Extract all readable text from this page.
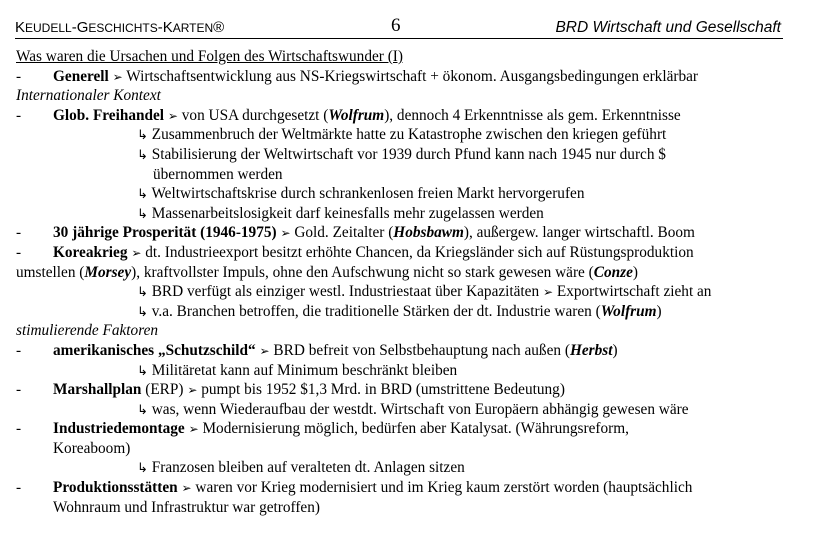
KEUDELL-GESCHICHTS-KARTEN®	6	BRD Wirtschaft und Gesellschaft
Was waren die Ursachen und Folgen des Wirtschaftswunder (I)
- Generell ➢ Wirtschaftsentwicklung aus NS-Kriegswirtschaft + ökonom. Ausgangsbedingungen erklärbar
Internationaler Kontext
- Glob. Freihandel ➢ von USA durchgesetzt (Wolfrum), dennoch 4 Erkenntnisse als gem. Erkenntnisse
↳ Zusammenbruch der Weltmärkte hatte zu Katastrophe zwischen den kriegen geführt
↳ Stabilisierung der Weltwirtschaft vor 1939 durch Pfund kann nach 1945 nur durch $
übernommen werden
↳ Weltwirtschaftskrise durch schrankenlosen freien Markt hervorgerufen
↳ Massenarbeitslosigkeit darf keinesfalls mehr zugelassen werden
- 30 jährige Prosperität (1946-1975) ➢ Gold. Zeitalter (Hobsbawm), außergew. langer wirtschaftl. Boom
- Koreakrieg ➢ dt. Industrieexport besitzt erhöhte Chancen, da Kriegsländer sich auf Rüstungsproduktion
umstellen (Morsey), kraftvollster Impuls, ohne den Aufschwung nicht so stark gewesen wäre (Conze)
↳ BRD verfügt als einziger westl. Industriestaat über Kapazitäten ➢ Exportwirtschaft zieht an
↳ v.a. Branchen betroffen, die traditionelle Stärken der dt. Industrie waren (Wolfrum)
stimulierende Faktoren
- amerikanisches „Schutzschild“ ➢ BRD befreit von Selbstbehauptung nach außen (Herbst)
↳ Militäretat kann auf Minimum beschränkt bleiben
- Marshallplan (ERP) ➢ pumpt bis 1952 $1,3 Mrd. in BRD (umstrittene Bedeutung)
↳ was, wenn Wiederaufbau der westdt. Wirtschaft von Europäern abhängig gewesen wäre
- Industriedemontage ➢ Modernisierung möglich, bedürfen aber Katalysat. (Währungsreform,
Koreaboom)
↳ Franzosen bleiben auf veralteten dt. Anlagen sitzen
- Produktionsstätten ➢ waren vor Krieg modernisiert und im Krieg kaum zerstört worden (hauptsächlich
Wohnraum und Infrastruktur war getroffen)
